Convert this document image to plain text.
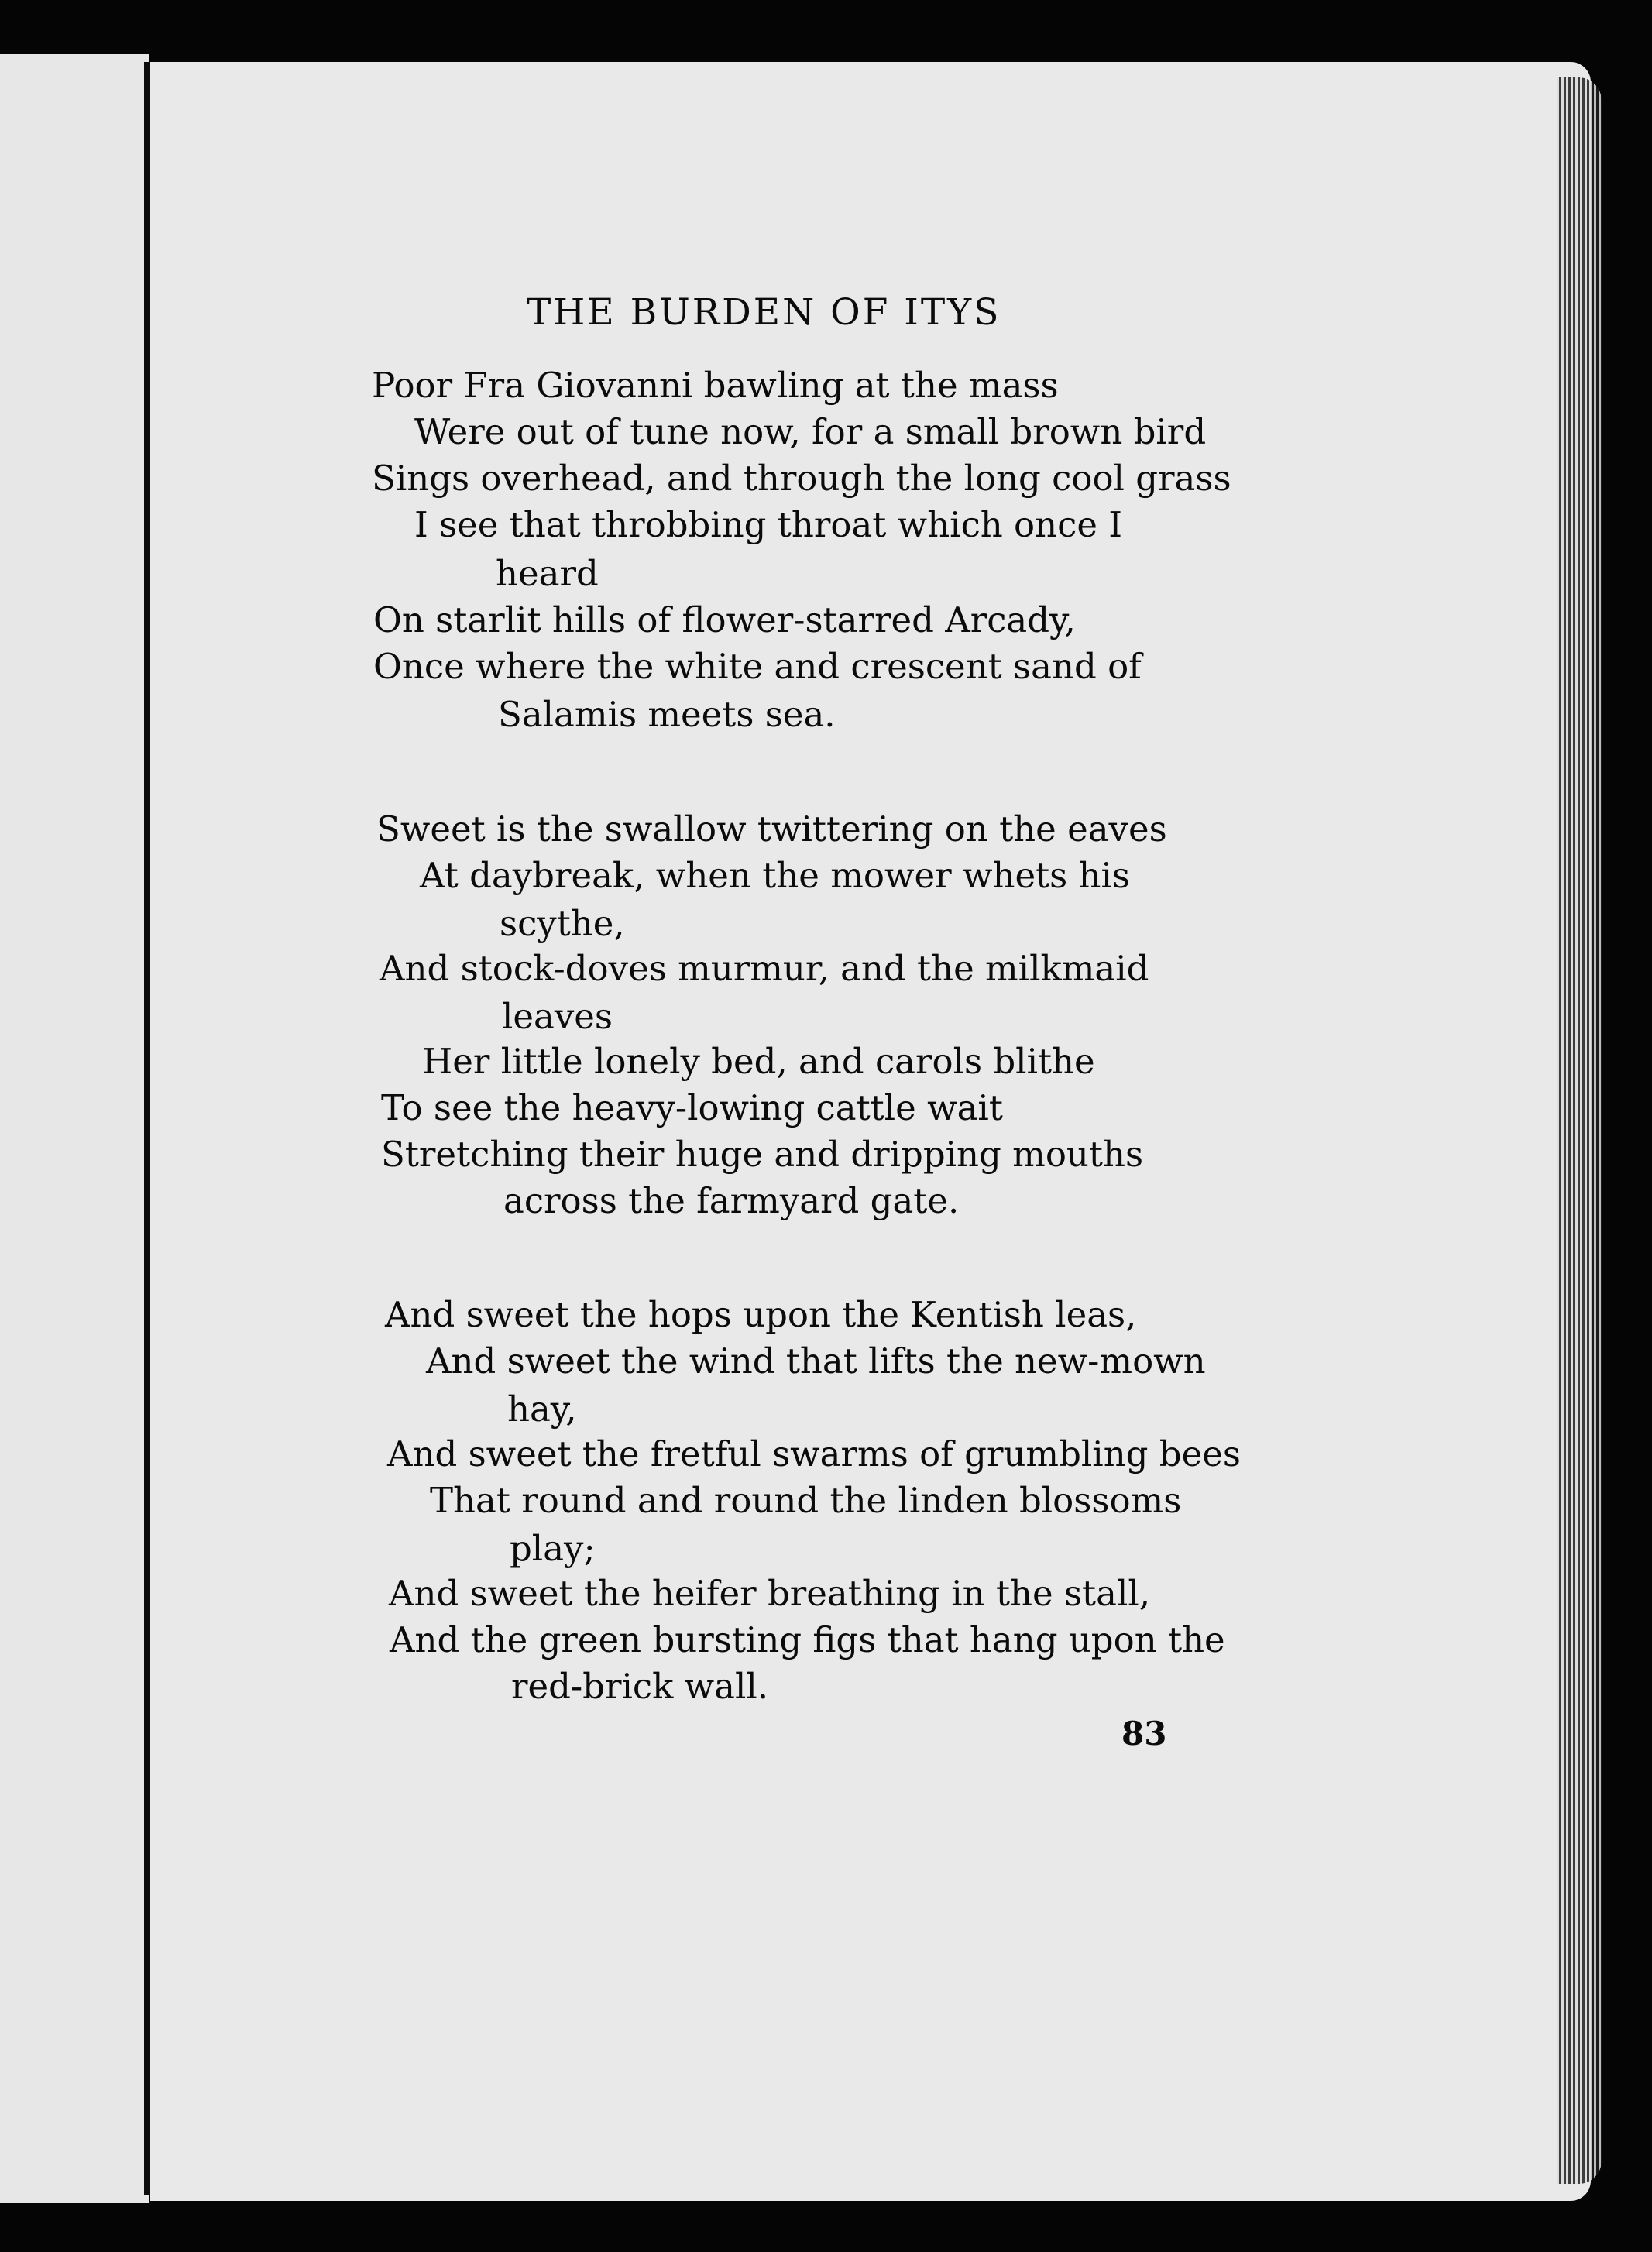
THE BURDEN OF ITYS
Poor Fra Giovanni bawling at the mass
Were out of tune now, for a small brown bird
Sings overhead, and through the long cool grass
I see that throbbing throat which once I
heard
On starlit hills of flower-starred Arcady,
Once where the white and crescent sand of
Salamis meets sea.
Sweet is the swallow twittering on the eaves
At daybreak, when the mower whets his
scythe,
And stock-doves murmur, and the milkmaid
leaves
Her little lonely bed, and carols blithe
To see the heavy-lowing cattle wait
Stretching their huge and dripping mouths
across the farmyard gate.
And sweet the hops upon the Kentish leas,
And sweet the wind that lifts the new-mown
hay,
And sweet the fretful swarms of grumbling bees
That round and round the linden blossoms
play;
And sweet the heifer breathing in the stall,
And the green bursting figs that hang upon the
red-brick wall.
83
